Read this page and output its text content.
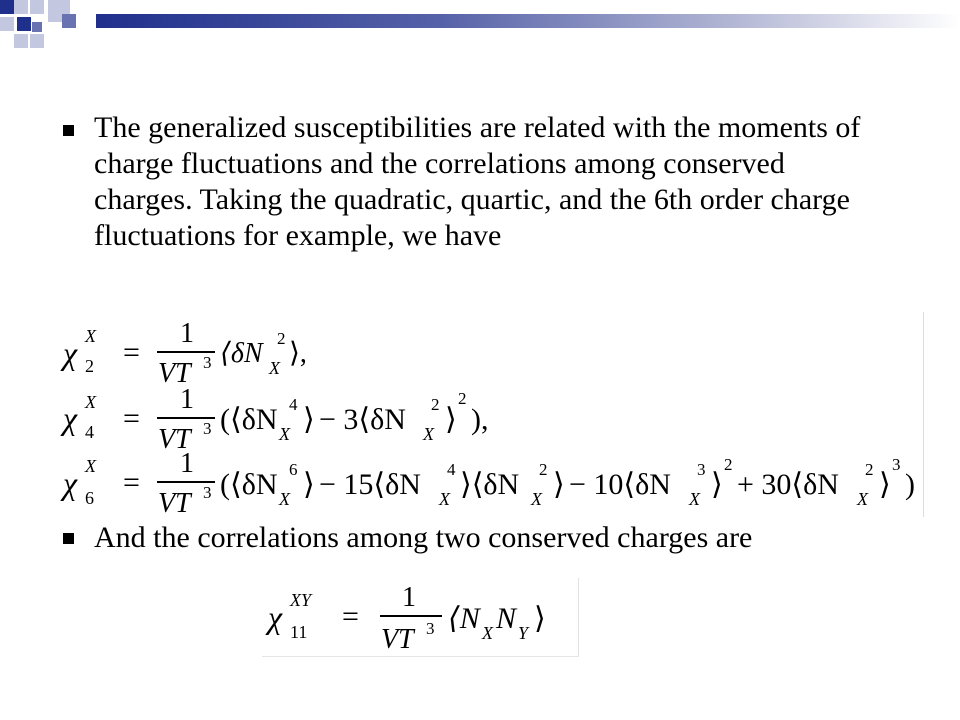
The generalized susceptibilities are related with the moments of charge fluctuations and the correlations among conserved charges. Taking the quadratic, quartic, and the 6th order charge fluctuations for example, we have

χ X
2 =
1
VT 3 ⟨δN X
2 ⟩,
χ X
4 =
1
VT 3 (⟨δN X
4 ⟩ − 3⟨δN X
2 ⟩
2
),
χ X
6 =
1
VT 3 (⟨δN X
6 ⟩ − 15⟨δN X
4 ⟩⟨δN X
2 ⟩ − 10⟨δN X
3 ⟩
2
+ 30⟨δN X
2 ⟩
3
)

And the correlations among two conserved charges are

χ XY
11 =
1
VT 3 ⟨N X N Y ⟩
